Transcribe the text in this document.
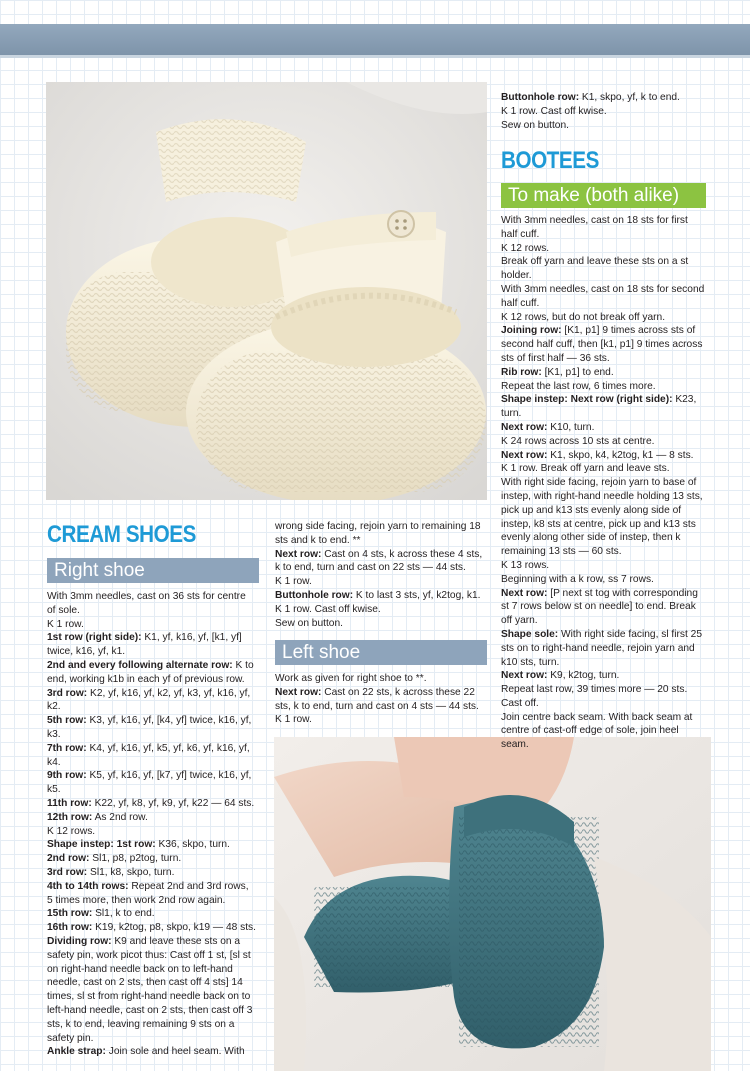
CREAM SHOES
Right shoe

With 3mm needles, cast on 36 sts for centre of sole.

K 1 row.

1st row (right side): K1, yf, k16, yf, [k1, yf] twice, k16, yf, k1.

2nd and every following alternate row: K to end, working k1b in each yf of previous row.

3rd row: K2, yf, k16, yf, k2, yf, k3, yf, k16, yf, k2.

5th row: K3, yf, k16, yf, [k4, yf] twice, k16, yf, k3.

7th row: K4, yf, k16, yf, k5, yf, k6, yf, k16, yf, k4.

9th row: K5, yf, k16, yf, [k7, yf] twice, k16, yf, k5.

11th row: K22, yf, k8, yf, k9, yf, k22 — 64 sts.

12th row: As 2nd row.

K 12 rows.

Shape instep: 1st row: K36, skpo, turn.

2nd row: Sl1, p8, p2tog, turn.

3rd row: Sl1, k8, skpo, turn.

4th to 14th rows: Repeat 2nd and 3rd rows, 5 times more, then work 2nd row again.

15th row: Sl1, k to end.

16th row: K19, k2tog, p8, skpo, k19 — 48 sts.

Dividing row: K9 and leave these sts on a safety pin, work picot thus: Cast off 1 st, [sl st on right-hand needle back on to left-hand needle, cast on 2 sts, then cast off 4 sts] 14 times, sl st from right-hand needle back on to left-hand needle, cast on 2 sts, then cast off 3 sts, k to end, leaving remaining 9 sts on a safety pin.

Ankle strap: Join sole and heel seam. With

wrong side facing, rejoin yarn to remaining 18 sts and k to end. **

Next row: Cast on 4 sts, k across these 4 sts, k to end, turn and cast on 22 sts — 44 sts.

K 1 row.

Buttonhole row: K to last 3 sts, yf, k2tog, k1.

K 1 row. Cast off kwise.

Sew on button.

Left shoe

Work as given for right shoe to **.

Next row: Cast on 22 sts, k across these 22 sts, k to end, turn and cast on 4 sts — 44 sts.

K 1 row.

Buttonhole row: K1, skpo, yf, k to end.

K 1 row. Cast off kwise.

Sew on button.

BOOTEES
To make (both alike)

With 3mm needles, cast on 18 sts for first half cuff.

K 12 rows.

Break off yarn and leave these sts on a st holder.

With 3mm needles, cast on 18 sts for second half cuff.

K 12 rows, but do not break off yarn.

Joining row: [K1, p1] 9 times across sts of second half cuff, then [k1, p1] 9 times across sts of first half — 36 sts.

Rib row: [K1, p1] to end.

Repeat the last row, 6 times more.

Shape instep: Next row (right side): K23, turn.

Next row: K10, turn.

K 24 rows across 10 sts at centre.

Next row: K1, skpo, k4, k2tog, k1 — 8 sts.

K 1 row. Break off yarn and leave sts.

With right side facing, rejoin yarn to base of instep, with right-hand needle holding 13 sts, pick up and k13 sts evenly along side of instep, k8 sts at centre, pick up and k13 sts evenly along other side of instep, then k remaining 13 sts — 60 sts.

K 13 rows.

Beginning with a k row, ss 7 rows.

Next row: [P next st tog with corresponding st 7 rows below st on needle] to end. Break off yarn.

Shape sole: With right side facing, sl first 25 sts on to right-hand needle, rejoin yarn and k10 sts, turn.

Next row: K9, k2tog, turn.

Repeat last row, 39 times more — 20 sts.

Cast off.

Join centre back seam. With back seam at centre of cast-off edge of sole, join heel seam.
